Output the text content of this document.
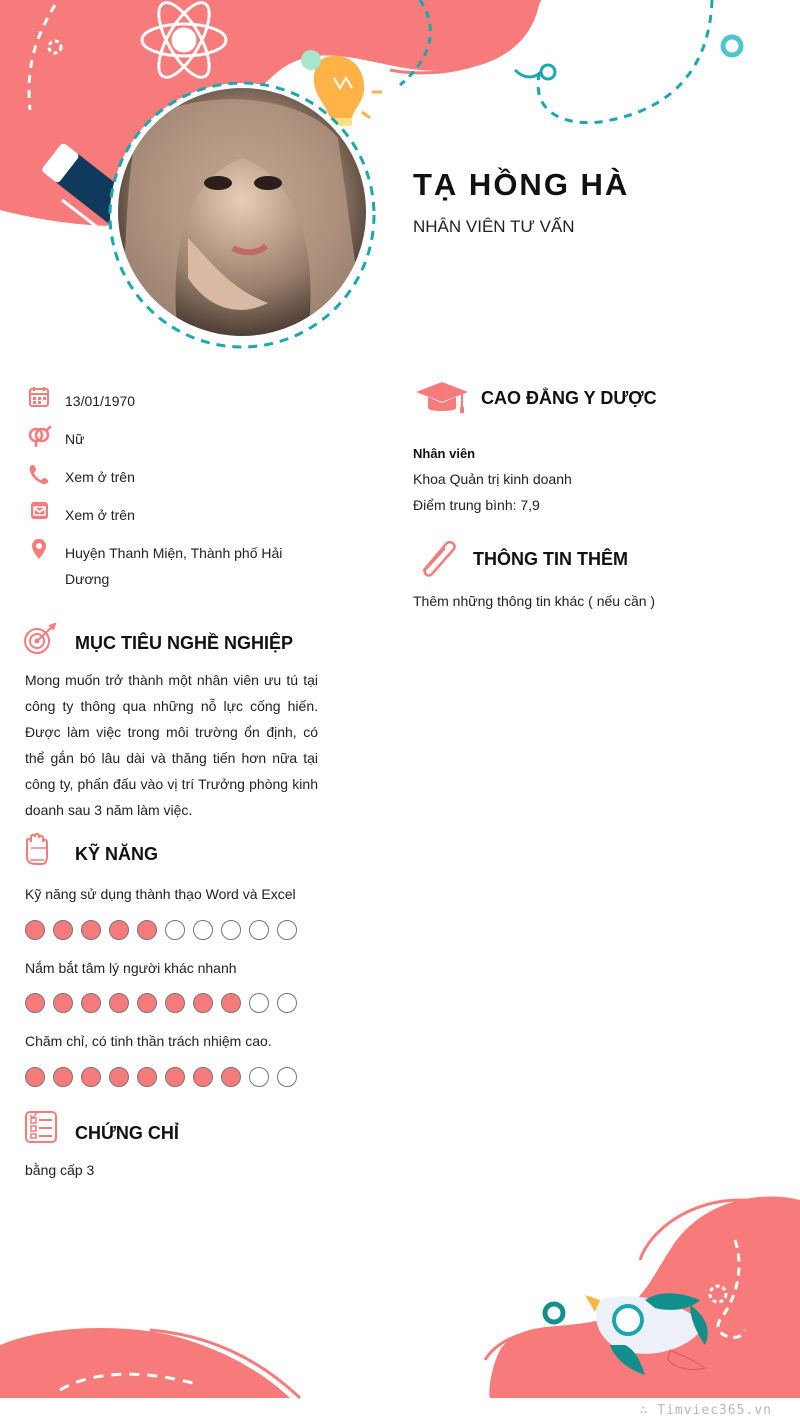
TẠ HỒNG HÀ
NHÂN VIÊN TƯ VẤN
13/01/1970
Nữ
Xem ở trên
Xem ở trên
Huyện Thanh Miện, Thành phố Hải Dương
MỤC TIÊU NGHỀ NGHIỆP
Mong muốn trở thành một nhân viên ưu tú tại công ty thông qua những nỗ lực cống hiến. Được làm việc trong môi trường ổn định, có thể gắn bó lâu dài và thăng tiến hơn nữa tại công ty, phấn đấu vào vị trí Trưởng phòng kinh doanh sau 3 năm làm việc.
KỸ NĂNG
Kỹ năng sử dụng thành thạo Word và Excel
Nắm bắt tâm lý người khác nhanh
Chăm chỉ, có tinh thần trách nhiệm cao.
CHỨNG CHỈ
bằng cấp 3
CAO ĐẲNG Y DƯỢC
Nhân viên
Khoa Quản trị kinh doanh
Điểm trung bình: 7,9
THÔNG TIN THÊM
Thêm những thông tin khác ( nếu cần )
∴ Timviec365.vn
